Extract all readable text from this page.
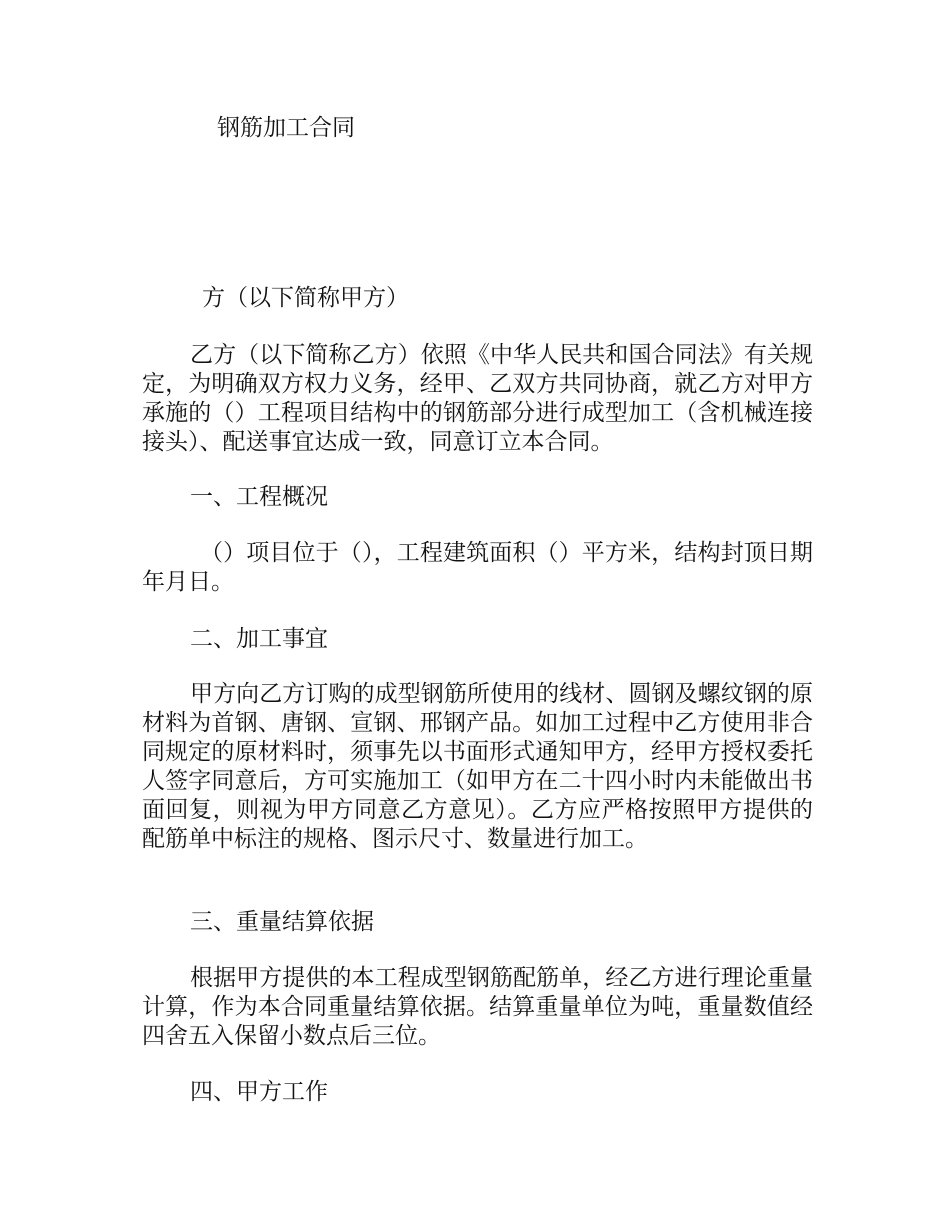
钢筋加工合同
方（以下简称甲方）
乙方（以下简称乙方）依照《中华人民共和国合同法》有关规定，为明确双方权力义务，经甲、乙双方共同协商，就乙方对甲方承施的（）工程项目结构中的钢筋部分进行成型加工（含机械连接接头）、配送事宜达成一致，同意订立本合同。
一、工程概况
（）项目位于（），工程建筑面积（）平方米，结构封顶日期年月日。
二、加工事宜
甲方向乙方订购的成型钢筋所使用的线材、圆钢及螺纹钢的原材料为首钢、唐钢、宣钢、邢钢产品。如加工过程中乙方使用非合同规定的原材料时，须事先以书面形式通知甲方，经甲方授权委托人签字同意后，方可实施加工（如甲方在二十四小时内未能做出书面回复，则视为甲方同意乙方意见）。乙方应严格按照甲方提供的配筋单中标注的规格、图示尺寸、数量进行加工。
三、重量结算依据
根据甲方提供的本工程成型钢筋配筋单，经乙方进行理论重量计算，作为本合同重量结算依据。结算重量单位为吨，重量数值经四舍五入保留小数点后三位。
四、甲方工作
